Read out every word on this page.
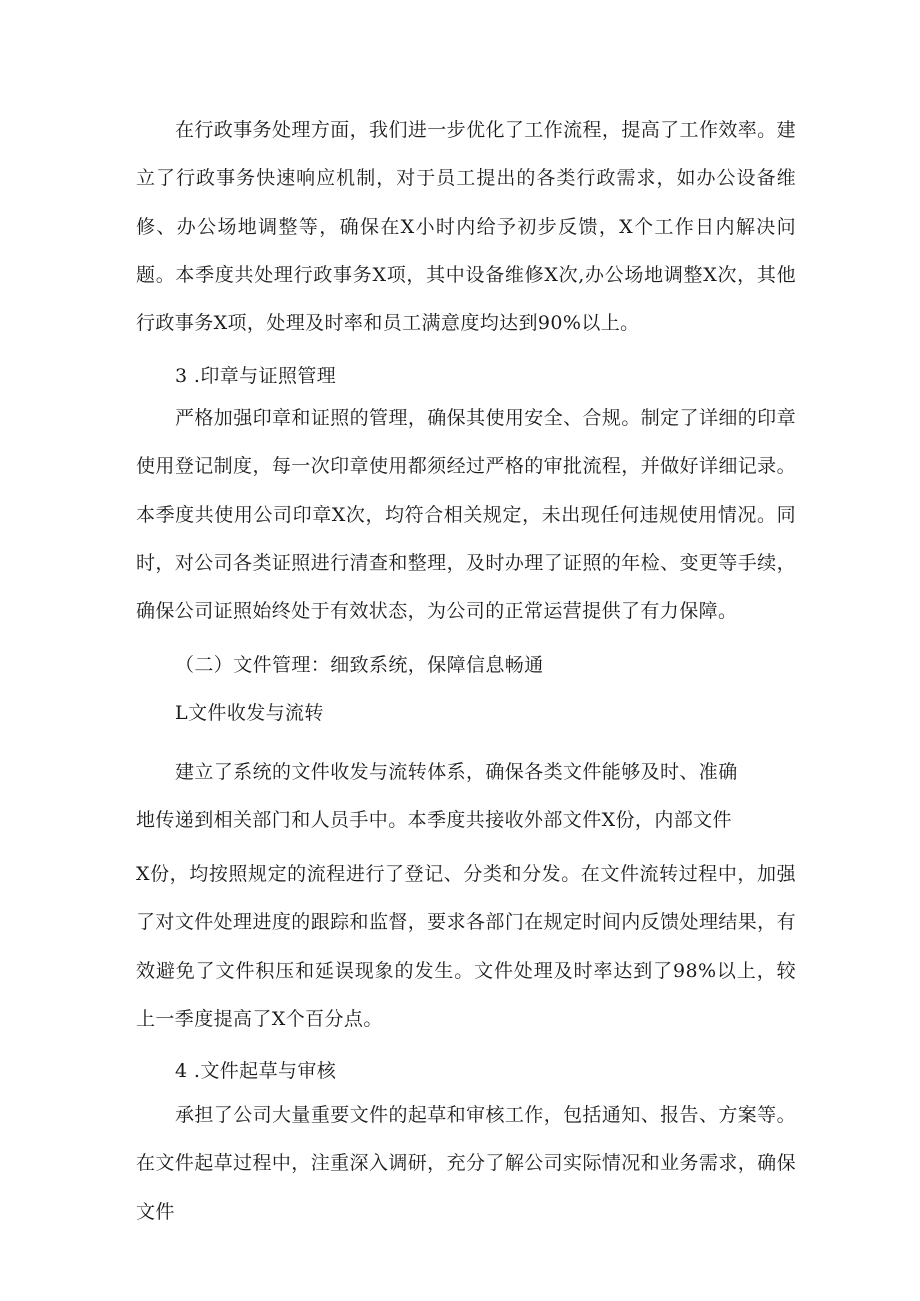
在行政事务处理方面，我们进一步优化了工作流程，提高了工作效率。建立了行政事务快速响应机制，对于员工提出的各类行政需求，如办公设备维修、办公场地调整等，确保在X小时内给予初步反馈，X个工作日内解决问题。本季度共处理行政事务X项，其中设备维修X次,办公场地调整X次，其他行政事务X项，处理及时率和员工满意度均达到90%以上。

3 .印章与证照管理

严格加强印章和证照的管理，确保其使用安全、合规。制定了详细的印章使用登记制度，每一次印章使用都须经过严格的审批流程，并做好详细记录。本季度共使用公司印章X次，均符合相关规定，未出现任何违规使用情况。同时，对公司各类证照进行清查和整理，及时办理了证照的年检、变更等手续，确保公司证照始终处于有效状态，为公司的正常运营提供了有力保障。

（二）文件管理：细致系统，保障信息畅通

L文件收发与流转

建立了系统的文件收发与流转体系，确保各类文件能够及时、准确

地传递到相关部门和人员手中。本季度共接收外部文件X份，内部文件

X份，均按照规定的流程进行了登记、分类和分发。在文件流转过程中，加强了对文件处理进度的跟踪和监督，要求各部门在规定时间内反馈处理结果，有效避免了文件积压和延误现象的发生。文件处理及时率达到了98%以上，较上一季度提高了X个百分点。

4 .文件起草与审核

承担了公司大量重要文件的起草和审核工作，包括通知、报告、方案等。在文件起草过程中，注重深入调研，充分了解公司实际情况和业务需求，确保文件
